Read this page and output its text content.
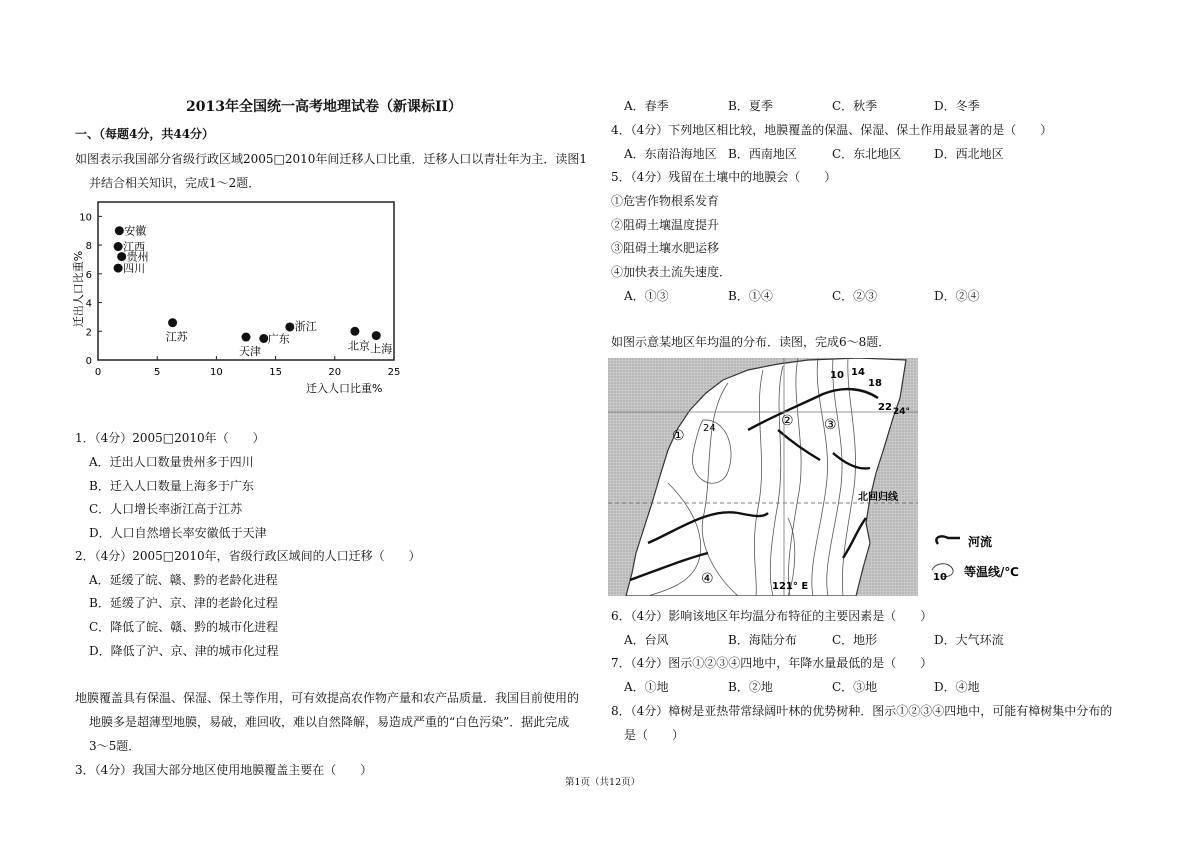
2013年全国统一高考地理试卷（新课标II）
一、（每题4分，共44分）
如图表示我国部分省级行政区域2005□2010年间迁移人口比重．迁移人口以青壮年为主．读图1
并结合相关知识，完成1～2题．
0	5	10	15	20	25
0
2
4
6
8
10
迁入人口比重%
迁出人口比重%
安徽
江西
贵州
四川
江苏
天津
广东
浙江
北京 上海
1．（4分）2005□2010年（　　）
A．迁出人口数量贵州多于四川
B．迁入人口数量上海多于广东
C．人口增长率浙江高于江苏
D．人口自然增长率安徽低于天津
2．（4分）2005□2010年，省级行政区域间的人口迁移（　　）
A．延缓了皖、赣、黔的老龄化进程
B．延缓了沪、京、津的老龄化过程
C．降低了皖、赣、黔的城市化进程
D．降低了沪、京、津的城市化过程
地膜覆盖具有保温、保湿、保土等作用，可有效提高农作物产量和农产品质量．我国目前使用的
地膜多是超薄型地膜，易破，难回收，难以自然降解，易造成严重的“白色污染”．据此完成
3～5题．
3．（4分）我国大部分地区使用地膜覆盖主要在（　　）
A．春季	B．夏季	C．秋季	D．冬季
4．（4分）下列地区相比较，地膜覆盖的保温、保湿、保土作用最显著的是（　　）
A．东南沿海地区 B．西南地区	C．东北地区	D．西北地区
5．（4分）残留在土壤中的地膜会（　　）
①危害作物根系发育
②阻碍土壤温度提升
③阻碍土壤水肥运移
④加快表土流失速度．
A．①③	B．①④	C．②③	D．②④
如图示意某地区年均温的分布．读图，完成6～8题．
10 14
18
22 24°
24
①
② ③
④
北回归线
121° E
河流
10 等温线/℃
6．（4分）影响该地区年均温分布特征的主要因素是（　　）
A．台风	B．海陆分布	C．地形	D．大气环流
7．（4分）图示①②③④四地中，年降水量最低的是（　　）
A．①地	B．②地	C．③地	D．④地
8．（4分）樟树是亚热带常绿阔叶林的优势树种．图示①②③④四地中，可能有樟树集中分布的
是（　　）
第1页（共12页）
